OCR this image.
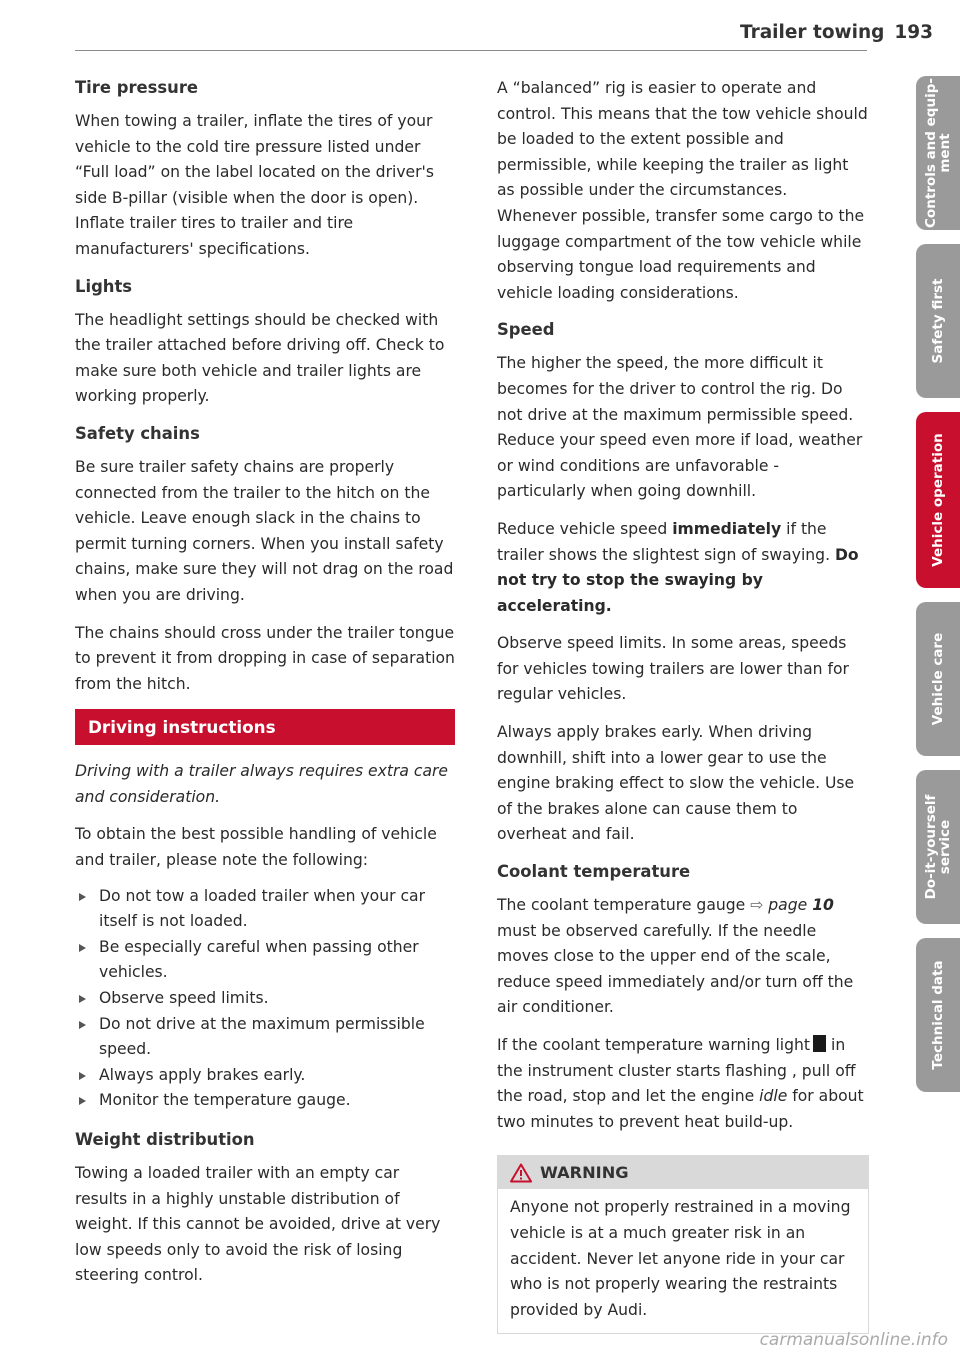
Trailer towing 193
Tire pressure

When towing a trailer, inflate the tires of your vehicle to the cold tire pressure listed under “Full load” on the label located on the driver's side B-pillar (visible when the door is open). Inflate trailer tires to trailer and tire manufacturers' specifications.

Lights

The headlight settings should be checked with the trailer attached before driving off. Check to make sure both vehicle and trailer lights are working properly.

Safety chains

Be sure trailer safety chains are properly connected from the trailer to the hitch on the vehicle. Leave enough slack in the chains to permit turning corners. When you install safety chains, make sure they will not drag on the road when you are driving.

The chains should cross under the trailer tongue to prevent it from dropping in case of separation from the hitch.

Driving instructions

Driving with a trailer always requires extra care and consideration.

To obtain the best possible handling of vehicle and trailer, please note the following:

Do not tow a loaded trailer when your car itself is not loaded.
Be especially careful when passing other vehicles.
Observe speed limits.
Do not drive at the maximum permissible speed.
Always apply brakes early.
Monitor the temperature gauge.
Weight distribution

Towing a loaded trailer with an empty car results in a highly unstable distribution of weight. If this cannot be avoided, drive at very low speeds only to avoid the risk of losing steering control.

A “balanced” rig is easier to operate and control. This means that the tow vehicle should be loaded to the extent possible and permissible, while keeping the trailer as light as possible under the circumstances. Whenever possible, transfer some cargo to the luggage compartment of the tow vehicle while observing tongue load requirements and vehicle loading considerations.

Speed

The higher the speed, the more difficult it becomes for the driver to control the rig. Do not drive at the maximum permissible speed. Reduce your speed even more if load, weather or wind conditions are unfavorable - particularly when going downhill.

Reduce vehicle speed immediately if the trailer shows the slightest sign of swaying. Do not try to stop the swaying by accelerating.

Observe speed limits. In some areas, speeds for vehicles towing trailers are lower than for regular vehicles.

Always apply brakes early. When driving downhill, shift into a lower gear to use the engine braking effect to slow the vehicle. Use of the brakes alone can cause them to overheat and fail.

Coolant temperature

The coolant temperature gauge ⇨ page 10 must be observed carefully. If the needle moves close to the upper end of the scale, reduce speed immediately and/or turn off the air conditioner.

If the coolant temperature warning light in the instrument cluster starts flashing , pull off the road, stop and let the engine idle for about two minutes to prevent heat build-up.

WARNING
Anyone not properly restrained in a moving vehicle is at a much greater risk in an accident. Never let anyone ride in your car who is not properly wearing the restraints provided by Audi.
Controls and equip-
ment
Safety first
Vehicle operation
Vehicle care
Do-it-yourself
service
Technical data
carmanualsonline.info
